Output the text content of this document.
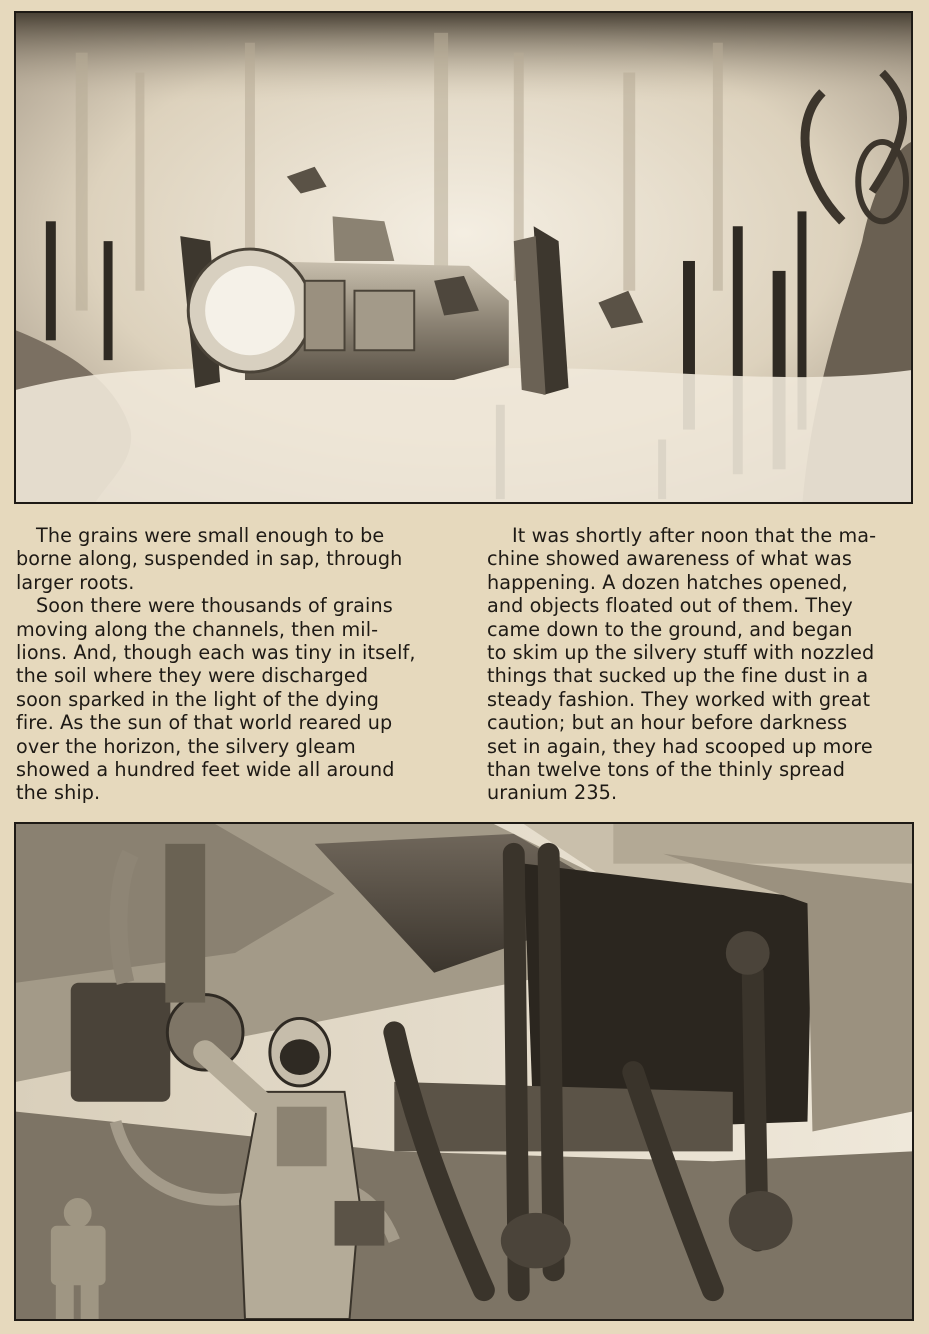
The grains were small enough to be
borne along, suspended in sap, through
larger roots.
Soon there were thousands of grains
moving along the channels, then mil-
lions. And, though each was tiny in itself,
the soil where they were discharged
soon sparked in the light of the dying
fire. As the sun of that world reared up
over the horizon, the silvery gleam
showed a hundred feet wide all around
the ship.
It was shortly after noon that the ma-
chine showed awareness of what was
happening. A dozen hatches opened,
and objects floated out of them. They
came down to the ground, and began
to skim up the silvery stuff with nozzled
things that sucked up the fine dust in a
steady fashion. They worked with great
caution; but an hour before darkness
set in again, they had scooped up more
than twelve tons of the thinly spread
uranium 235.
